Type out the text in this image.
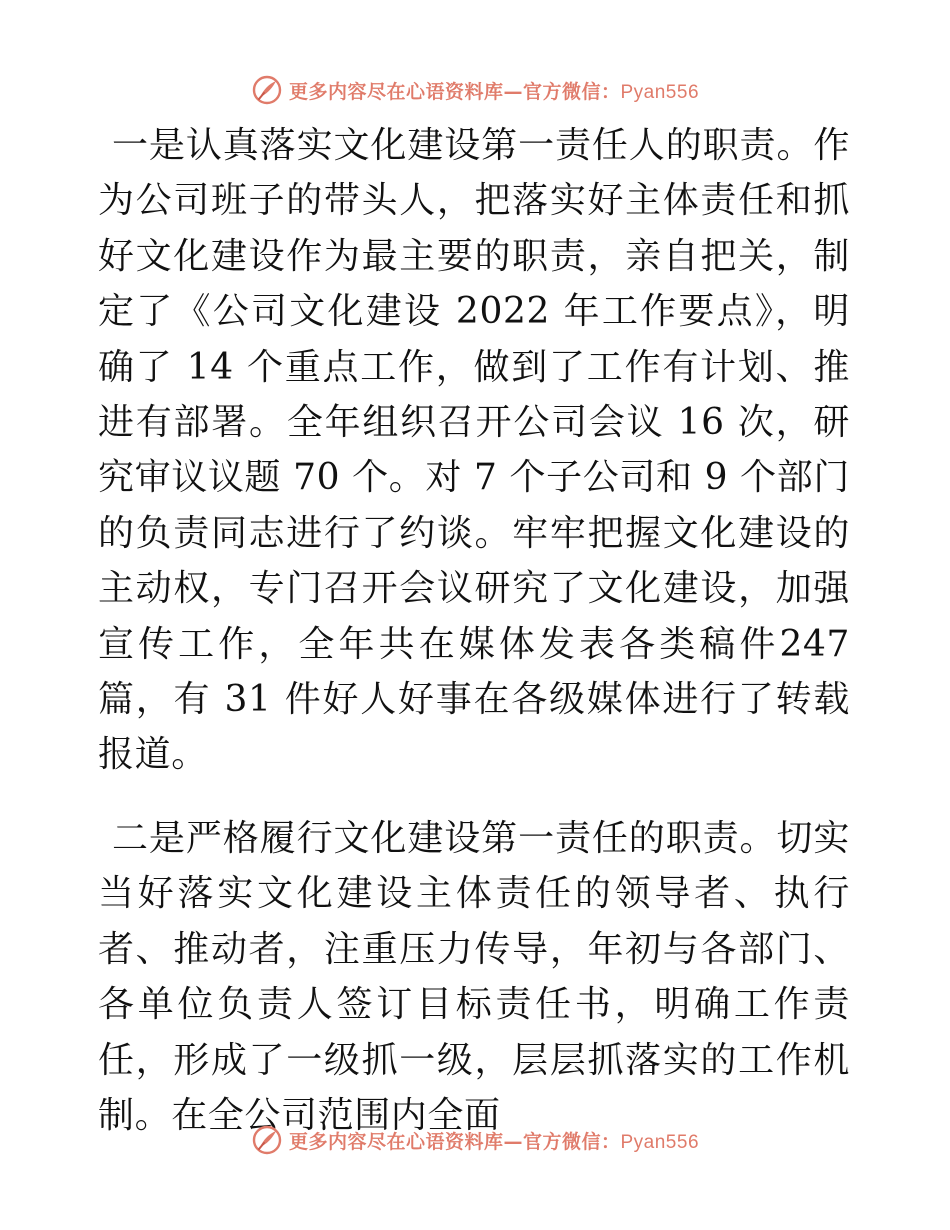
更多内容尽在心语资料库—官方微信：Pyan556

一是认真落实文化建设第一责任人的职责。作为公司班子的带头人，把落实好主体责任和抓好文化建设作为最主要的职责，亲自把关，制定了《公司文化建设 2022 年工作要点》，明确了 14 个重点工作，做到了工作有计划、推进有部署。全年组织召开公司会议 16 次，研究审议议题 70 个。对 7 个子公司和 9 个部门的负责同志进行了约谈。牢牢把握文化建设的主动权，专门召开会议研究了文化建设，加强宣传工作，全年共在媒体发表各类稿件247 篇，有 31 件好人好事在各级媒体进行了转载报道。

二是严格履行文化建设第一责任的职责。切实当好落实文化建设主体责任的领导者、执行者、推动者，注重压力传导，年初与各部门、各单位负责人签订目标责任书，明确工作责任，形成了一级抓一级，层层抓落实的工作机制。在全公司范围内全面

更多内容尽在心语资料库—官方微信：Pyan556
